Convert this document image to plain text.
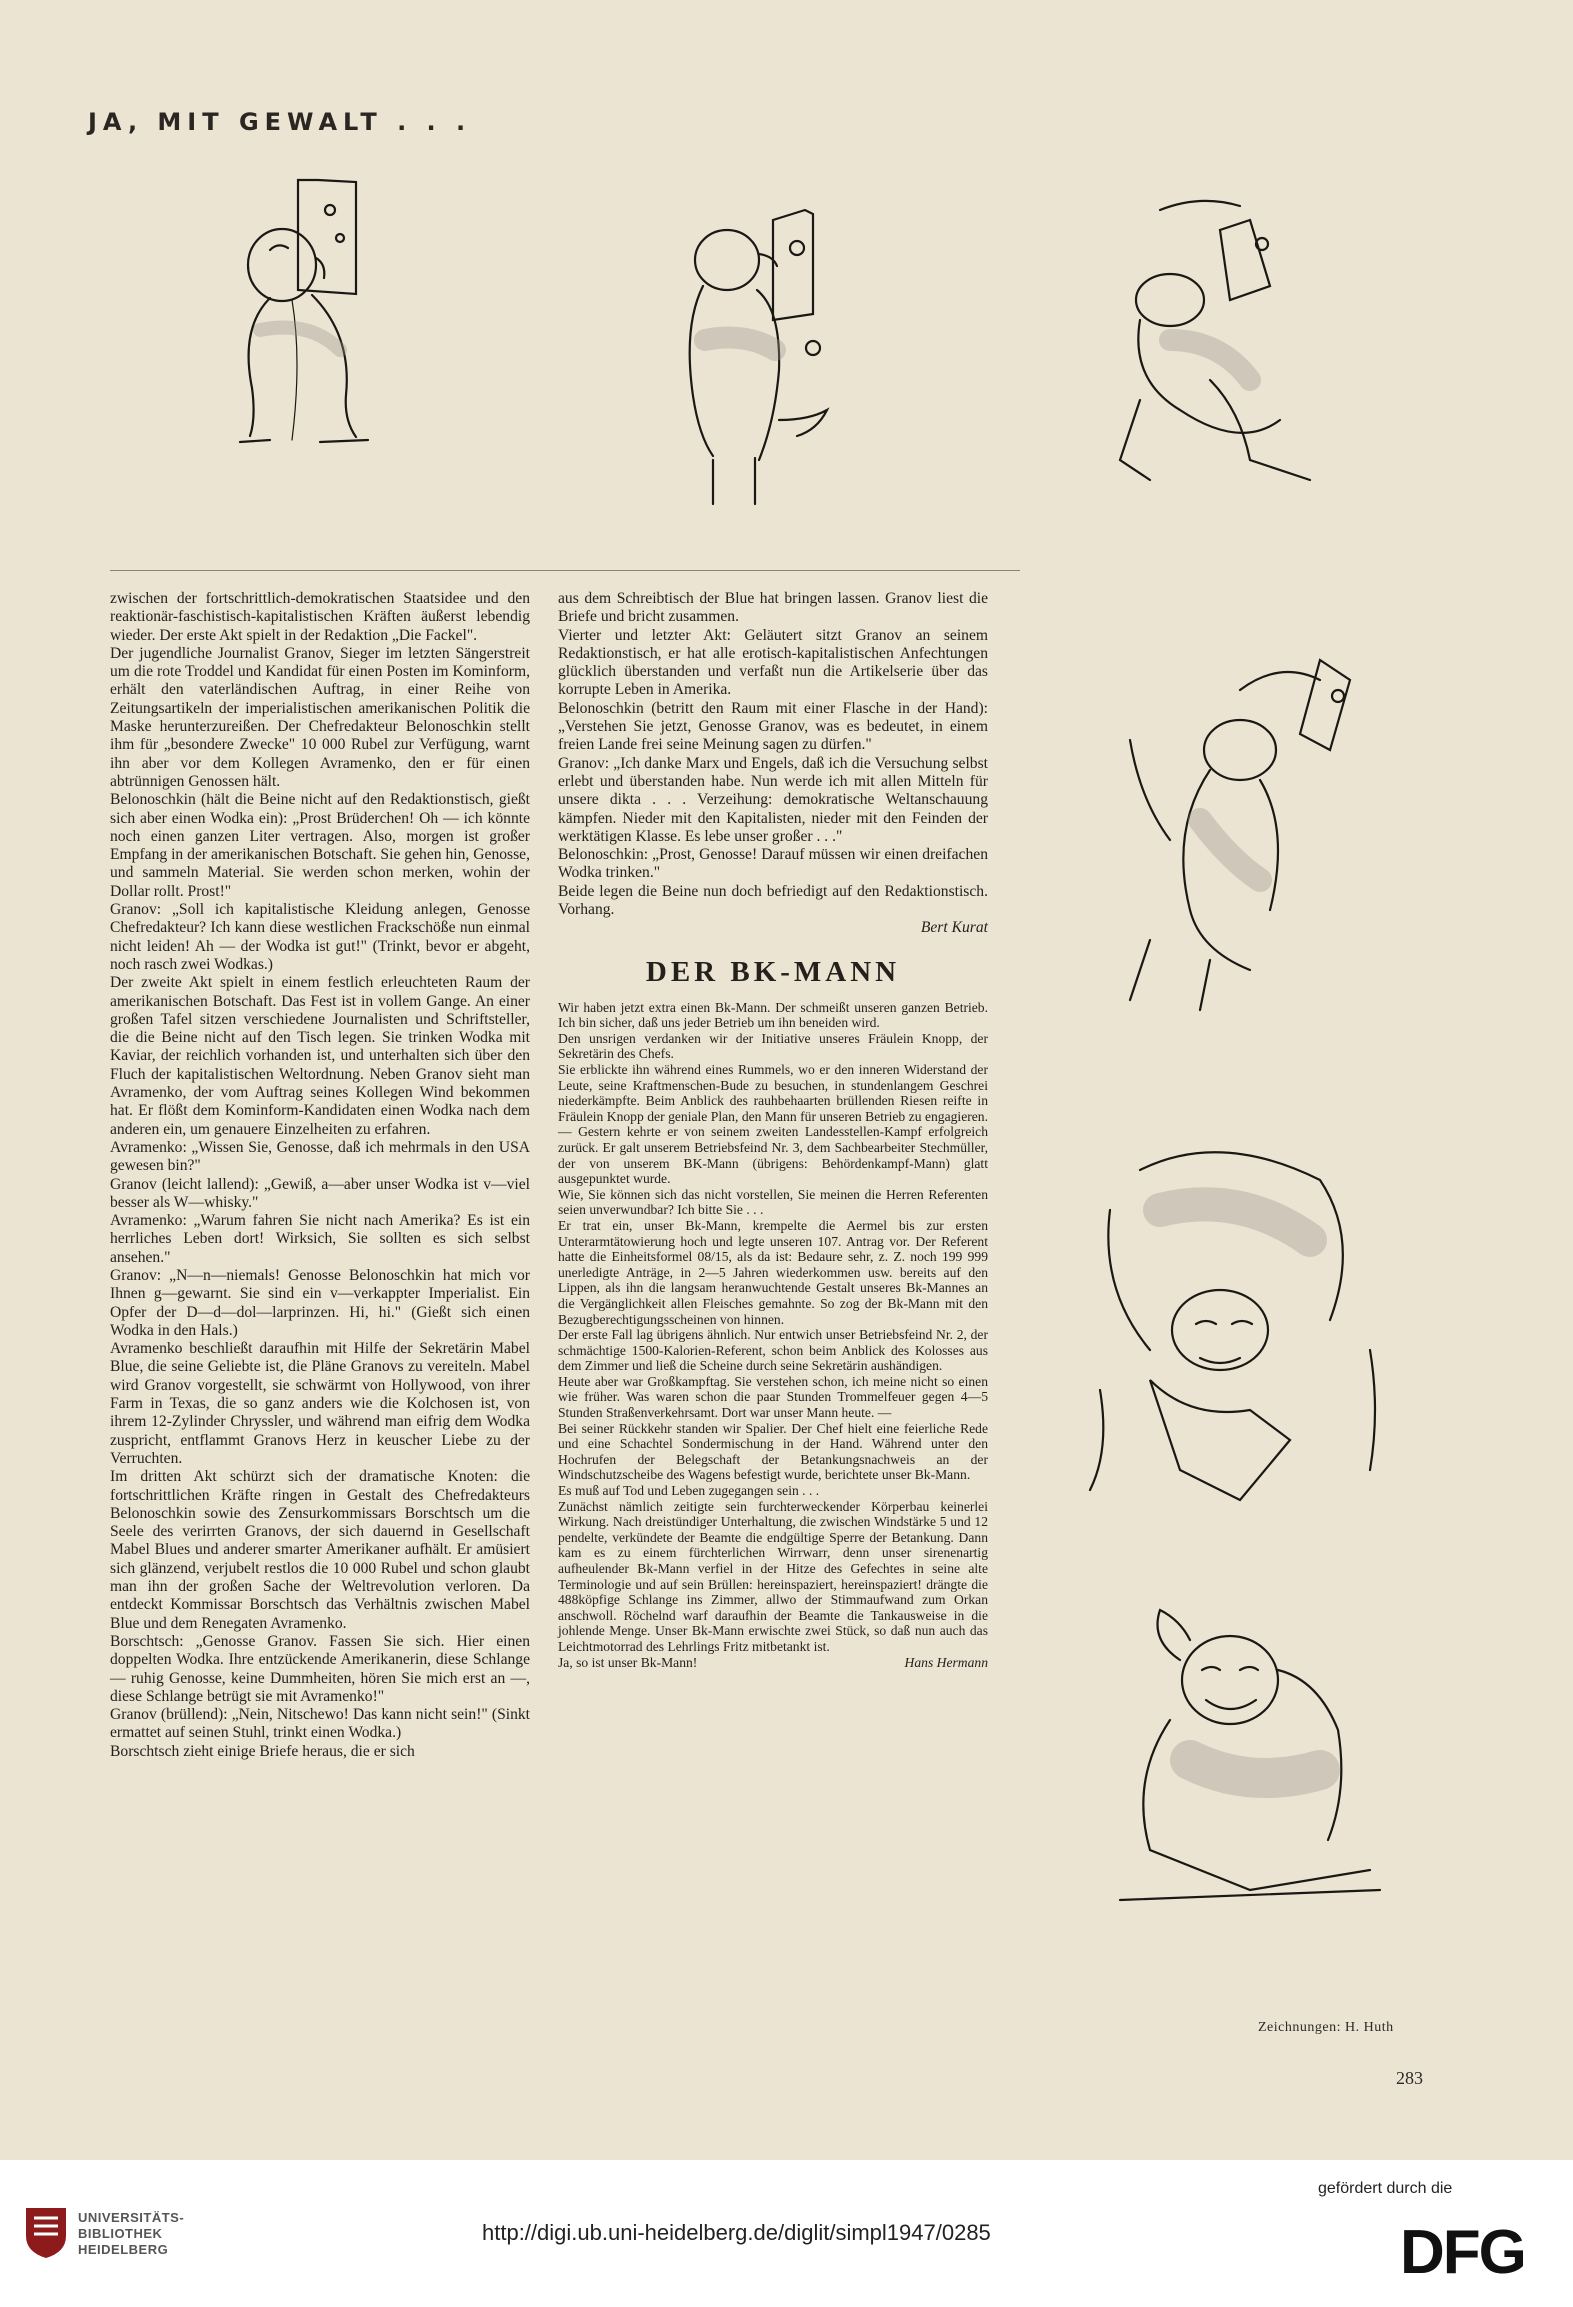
JA, MIT GEWALT . . .

zwischen der fortschrittlich-demokratischen Staatsidee und den reaktionär-faschistisch-kapitalistischen Kräften äußerst lebendig wieder. Der erste Akt spielt in der Redaktion „Die Fackel".

Der jugendliche Journalist Granov, Sieger im letzten Sängerstreit um die rote Troddel und Kandidat für einen Posten im Kominform, erhält den vaterländischen Auftrag, in einer Reihe von Zeitungsartikeln der imperialistischen amerikanischen Politik die Maske herunterzureißen. Der Chefredakteur Belonoschkin stellt ihm für „besondere Zwecke" 10 000 Rubel zur Verfügung, warnt ihn aber vor dem Kollegen Avramenko, den er für einen abtrünnigen Genossen hält.

Belonoschkin (hält die Beine nicht auf den Redaktionstisch, gießt sich aber einen Wodka ein): „Prost Brüderchen! Oh — ich könnte noch einen ganzen Liter vertragen. Also, morgen ist großer Empfang in der amerikanischen Botschaft. Sie gehen hin, Genosse, und sammeln Material. Sie werden schon merken, wohin der Dollar rollt. Prost!"

Granov: „Soll ich kapitalistische Kleidung anlegen, Genosse Chefredakteur? Ich kann diese westlichen Frackschöße nun einmal nicht leiden! Ah — der Wodka ist gut!" (Trinkt, bevor er abgeht, noch rasch zwei Wodkas.)

Der zweite Akt spielt in einem festlich erleuchteten Raum der amerikanischen Botschaft. Das Fest ist in vollem Gange. An einer großen Tafel sitzen verschiedene Journalisten und Schriftsteller, die die Beine nicht auf den Tisch legen. Sie trinken Wodka mit Kaviar, der reichlich vorhanden ist, und unterhalten sich über den Fluch der kapitalistischen Weltordnung. Neben Granov sieht man Avramenko, der vom Auftrag seines Kollegen Wind bekommen hat. Er flößt dem Kominform-Kandidaten einen Wodka nach dem anderen ein, um genauere Einzelheiten zu erfahren.

Avramenko: „Wissen Sie, Genosse, daß ich mehrmals in den USA gewesen bin?"

Granov (leicht lallend): „Gewiß, a—aber unser Wodka ist v—viel besser als W—whisky."

Avramenko: „Warum fahren Sie nicht nach Amerika? Es ist ein herrliches Leben dort! Wirksich, Sie sollten es sich selbst ansehen."

Granov: „N—n—niemals! Genosse Belonoschkin hat mich vor Ihnen g—gewarnt. Sie sind ein v—verkappter Imperialist. Ein Opfer der D—d—dol—larprinzen. Hi, hi." (Gießt sich einen Wodka in den Hals.)

Avramenko beschließt daraufhin mit Hilfe der Sekretärin Mabel Blue, die seine Geliebte ist, die Pläne Granovs zu vereiteln. Mabel wird Granov vorgestellt, sie schwärmt von Hollywood, von ihrer Farm in Texas, die so ganz anders wie die Kolchosen ist, von ihrem 12-Zylinder Chryssler, und während man eifrig dem Wodka zuspricht, entflammt Granovs Herz in keuscher Liebe zu der Verruchten.

Im dritten Akt schürzt sich der dramatische Knoten: die fortschrittlichen Kräfte ringen in Gestalt des Chefredakteurs Belonoschkin sowie des Zensurkommissars Borschtsch um die Seele des verirrten Granovs, der sich dauernd in Gesellschaft Mabel Blues und anderer smarter Amerikaner aufhält. Er amüsiert sich glänzend, verjubelt restlos die 10 000 Rubel und schon glaubt man ihn der großen Sache der Weltrevolution verloren. Da entdeckt Kommissar Borschtsch das Verhältnis zwischen Mabel Blue und dem Renegaten Avramenko.

Borschtsch: „Genosse Granov. Fassen Sie sich. Hier einen doppelten Wodka. Ihre entzückende Amerikanerin, diese Schlange — ruhig Genosse, keine Dummheiten, hören Sie mich erst an —, diese Schlange betrügt sie mit Avramenko!"

Granov (brüllend): „Nein, Nitschewo! Das kann nicht sein!" (Sinkt ermattet auf seinen Stuhl, trinkt einen Wodka.)

Borschtsch zieht einige Briefe heraus, die er sich

aus dem Schreibtisch der Blue hat bringen lassen. Granov liest die Briefe und bricht zusammen.

Vierter und letzter Akt: Geläutert sitzt Granov an seinem Redaktionstisch, er hat alle erotisch-kapitalistischen Anfechtungen glücklich überstanden und verfaßt nun die Artikelserie über das korrupte Leben in Amerika.

Belonoschkin (betritt den Raum mit einer Flasche in der Hand): „Verstehen Sie jetzt, Genosse Granov, was es bedeutet, in einem freien Lande frei seine Meinung sagen zu dürfen."

Granov: „Ich danke Marx und Engels, daß ich die Versuchung selbst erlebt und überstanden habe. Nun werde ich mit allen Mitteln für unsere dikta . . . Verzeihung: demokratische Weltanschauung kämpfen. Nieder mit den Kapitalisten, nieder mit den Feinden der werktätigen Klasse. Es lebe unser großer . . ."

Belonoschkin: „Prost, Genosse! Darauf müssen wir einen dreifachen Wodka trinken."

Beide legen die Beine nun doch befriedigt auf den Redaktionstisch. Vorhang.

Bert Kurat

DER BK-MANN

Wir haben jetzt extra einen Bk-Mann. Der schmeißt unseren ganzen Betrieb. Ich bin sicher, daß uns jeder Betrieb um ihn beneiden wird.

Den unsrigen verdanken wir der Initiative unseres Fräulein Knopp, der Sekretärin des Chefs.

Sie erblickte ihn während eines Rummels, wo er den inneren Widerstand der Leute, seine Kraftmenschen-Bude zu besuchen, in stundenlangem Geschrei niederkämpfte. Beim Anblick des rauhbehaarten brüllenden Riesen reifte in Fräulein Knopp der geniale Plan, den Mann für unseren Betrieb zu engagieren. — Gestern kehrte er von seinem zweiten Landesstellen-Kampf erfolgreich zurück. Er galt unserem Betriebsfeind Nr. 3, dem Sachbearbeiter Stechmüller, der von unserem BK-Mann (übrigens: Behördenkampf-Mann) glatt ausgepunktet wurde.

Wie, Sie können sich das nicht vorstellen, Sie meinen die Herren Referenten seien unverwundbar? Ich bitte Sie . . .

Er trat ein, unser Bk-Mann, krempelte die Aermel bis zur ersten Unterarmtätowierung hoch und legte unseren 107. Antrag vor. Der Referent hatte die Einheitsformel 08/15, als da ist: Bedaure sehr, z. Z. noch 199 999 unerledigte Anträge, in 2—5 Jahren wiederkommen usw. bereits auf den Lippen, als ihn die langsam heranwuchtende Gestalt unseres Bk-Mannes an die Vergänglichkeit allen Fleisches gemahnte. So zog der Bk-Mann mit den Bezugberechtigungsscheinen von hinnen.

Der erste Fall lag übrigens ähnlich. Nur entwich unser Betriebsfeind Nr. 2, der schmächtige 1500-Kalorien-Referent, schon beim Anblick des Kolosses aus dem Zimmer und ließ die Scheine durch seine Sekretärin aushändigen.

Heute aber war Großkampftag. Sie verstehen schon, ich meine nicht so einen wie früher. Was waren schon die paar Stunden Trommelfeuer gegen 4—5 Stunden Straßenverkehrsamt. Dort war unser Mann heute. —

Bei seiner Rückkehr standen wir Spalier. Der Chef hielt eine feierliche Rede und eine Schachtel Sondermischung in der Hand. Während unter den Hochrufen der Belegschaft der Betankungsnachweis an der Windschutzscheibe des Wagens befestigt wurde, berichtete unser Bk-Mann.

Es muß auf Tod und Leben zugegangen sein . . .

Zunächst nämlich zeitigte sein furchterweckender Körperbau keinerlei Wirkung. Nach dreistündiger Unterhaltung, die zwischen Windstärke 5 und 12 pendelte, verkündete der Beamte die endgültige Sperre der Betankung. Dann kam es zu einem fürchterlichen Wirrwarr, denn unser sirenenartig aufheulender Bk-Mann verfiel in der Hitze des Gefechtes in seine alte Terminologie und auf sein Brüllen: hereinspaziert, hereinspaziert! drängte die 488köpfige Schlange ins Zimmer, allwo der Stimmaufwand zum Orkan anschwoll. Röchelnd warf daraufhin der Beamte die Tankausweise in die johlende Menge. Unser Bk-Mann erwischte zwei Stück, so daß nun auch das Leichtmotorrad des Lehrlings Fritz mitbetankt ist.

Ja, so ist unser Bk-Mann!	Hans Hermann
Zeichnungen: H. Huth
283
UNIVERSITÄTS-
BIBLIOTHEK
HEIDELBERG
http://digi.ub.uni-heidelberg.de/diglit/simpl1947/0285
gefördert durch die
DFG
